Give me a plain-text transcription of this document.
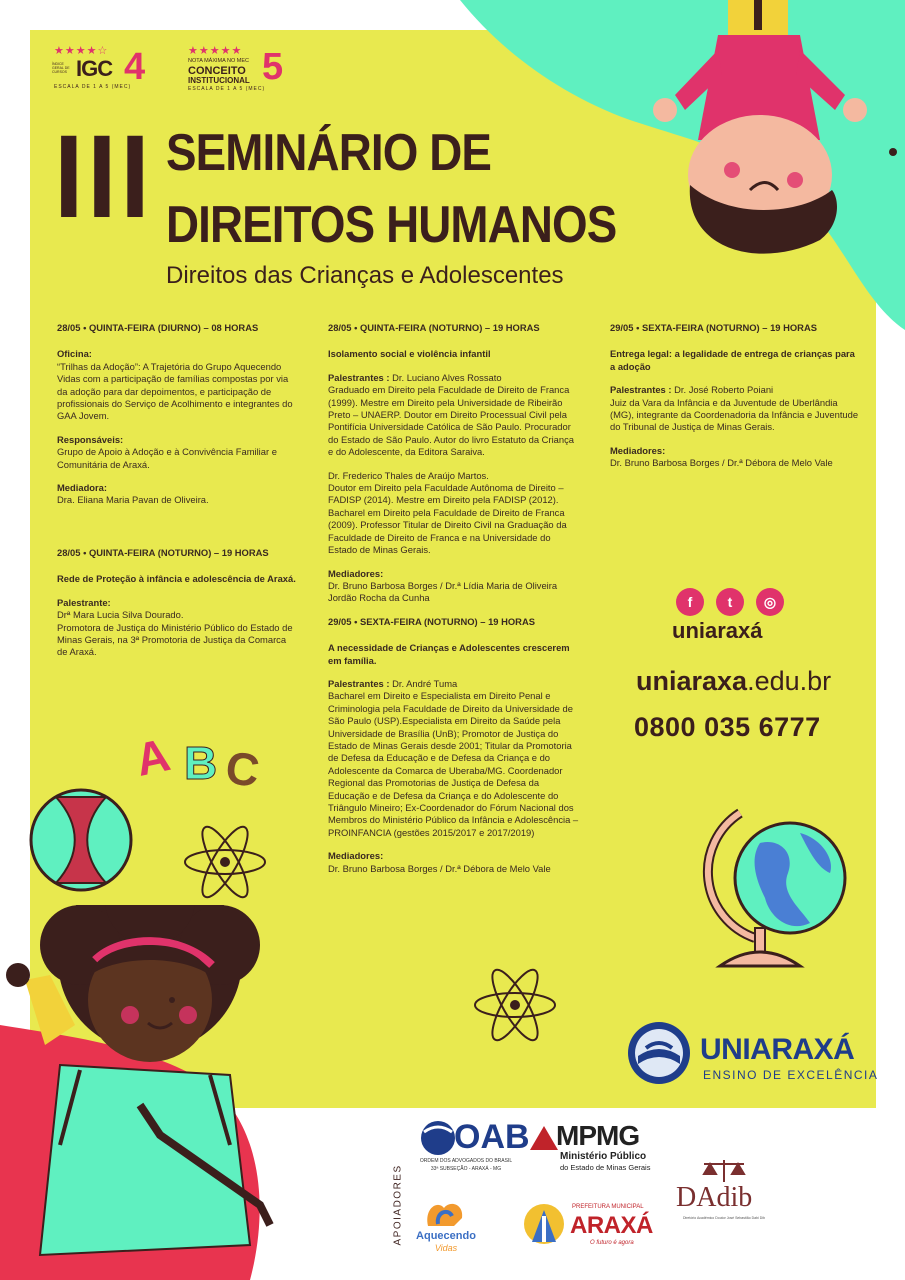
★★★★☆
ÍNDICE GERAL DE CURSOS IGC 4
ESCALA DE 1 A 5 (MEC)
★★★★★
NOTA MÁXIMA NO MEC
CONCEITO
INSTITUCIONAL 5
ESCALA DE 1 A 5 (MEC)
III SEMINÁRIO DE
DIREITOS HUMANOS
Direitos das Crianças e Adolescentes

28/05 • QUINTA-FEIRA (DIURNO) – 08 HORAS

Oficina:
“Trilhas da Adoção”: A Trajetória do Grupo Aquecendo Vidas com a participação de famílias compostas por via da adoção para dar depoimentos, e participação de profissionais do Serviço de Acolhimento e integrantes do GAA Jovem.

Responsáveis:
Grupo de Apoio à Adoção e à Convivência Familiar e Comunitária de Araxá.

Mediadora:
Dra. Eliana Maria Pavan de Oliveira.

28/05 • QUINTA-FEIRA (NOTURNO) – 19 HORAS

Rede de Proteção à infância e adolescência de Araxá.

Palestrante:
Drª Mara Lucia Silva Dourado.
Promotora de Justiça do Ministério Público do Estado de Minas Gerais, na 3ª Promotoria de Justiça da Comarca de Araxá.

28/05 • QUINTA-FEIRA (NOTURNO) – 19 HORAS

Isolamento social e violência infantil

Palestrantes : Dr. Luciano Alves Rossato
Graduado em Direito pela Faculdade de Direito de Franca (1999). Mestre em Direito pela Universidade de Ribeirão Preto – UNAERP. Doutor em Direito Processual Civil pela Pontifícia Universidade Católica de São Paulo. Procurador do Estado de São Paulo. Autor do livro Estatuto da Criança e do Adolescente, da Editora Saraiva.

Dr. Frederico Thales de Araújo Martos.
Doutor em Direito pela Faculdade Autônoma de Direito – FADISP (2014). Mestre em Direito pela FADISP (2012). Bacharel em Direito pela Faculdade de Direito de Franca (2009). Professor Titular de Direito Civil na Graduação da Faculdade de Direito de Franca e na Universidade do Estado de Minas Gerais.

Mediadores:
Dr. Bruno Barbosa Borges / Dr.ª Lídia Maria de Oliveira Jordão Rocha da Cunha

29/05 • SEXTA-FEIRA (NOTURNO) – 19 HORAS

A necessidade de Crianças e Adolescentes crescerem em família.

Palestrantes : Dr. André Tuma
Bacharel em Direito e Especialista em Direito Penal e Criminologia pela Faculdade de Direito da Universidade de São Paulo (USP).Especialista em Direito da Saúde pela Universidade de Brasília (UnB); Promotor de Justiça do Estado de Minas Gerais desde 2001; Titular da Promotoria de Defesa da Educação e de Defesa da Criança e do Adolescente da Comarca de Uberaba/MG. Coordenador Regional das Promotorias de Justiça de Defesa da Educação e de Defesa da Criança e do Adolescente do Triângulo Mineiro; Ex-Coordenador do Fórum Nacional dos Membros do Ministério Público da Infância e Adolescência – PROINFANCIA (gestões 2015/2017 e 2017/2019)

Mediadores:
Dr. Bruno Barbosa Borges / Dr.ª Débora de Melo Vale

29/05 • SEXTA-FEIRA (NOTURNO) – 19 HORAS

Entrega legal: a legalidade de entrega de crianças para a adoção

Palestrantes : Dr. José Roberto Poiani
Juiz da Vara da Infância e da Juventude de Uberlândia (MG), integrante da Coordenadoria da Infância e Juventude do Tribunal de Justiça de Minas Gerais.

Mediadores:
Dr. Bruno Barbosa Borges / Dr.ª Débora de Melo Vale

f	t	◎
uniaraxá
uniaraxa.edu.br
0800 035 6777
A B C
UNIARAXÁ
ENSINO DE EXCELÊNCIA
APOIADORES
OAB
ORDEM DOS ADVOGADOS DO BRASIL
33ª SUBSEÇÃO - ARAXÁ - MG
MPMG
Ministério Público
do Estado de Minas Gerais
Aquecendo
Vidas
PREFEITURA MUNICIPAL
ARAXÁ
O futuro é agora
DAdib
Diretório Acadêmico Doutor José Sebastião Dabi Dib
